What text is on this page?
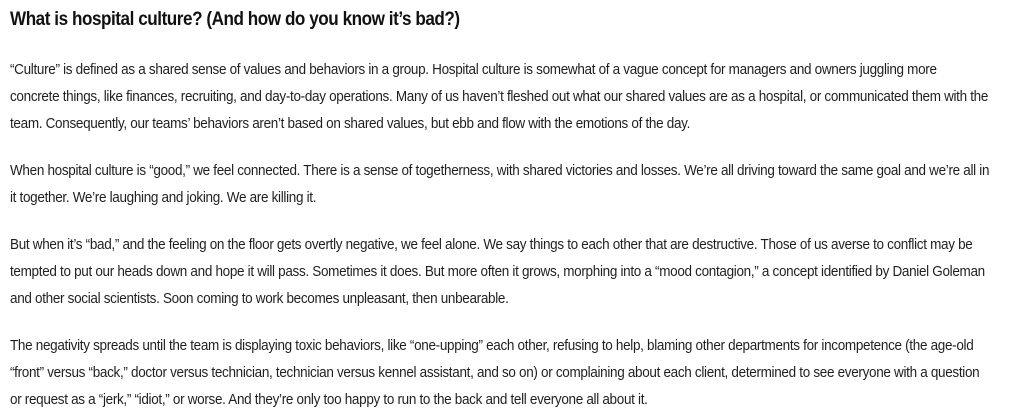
What is hospital culture? (And how do you know it’s bad?)

“Culture” is defined as a shared sense of values and behaviors in a group. Hospital culture is somewhat of a vague concept for managers and owners juggling more concrete things, like finances, recruiting, and day-to-day operations. Many of us haven’t fleshed out what our shared values are as a hospital, or communicated them with the team. Consequently, our teams’ behaviors aren’t based on shared values, but ebb and flow with the emotions of the day.

When hospital culture is “good,” we feel connected. There is a sense of togetherness, with shared victories and losses. We’re all driving toward the same goal and we’re all in it together. We’re laughing and joking. We are killing it.

But when it’s “bad,” and the feeling on the floor gets overtly negative, we feel alone. We say things to each other that are destructive. Those of us averse to conflict may be tempted to put our heads down and hope it will pass. Sometimes it does. But more often it grows, morphing into a “mood contagion,” a concept identified by Daniel Goleman and other social scientists. Soon coming to work becomes unpleasant, then unbearable.

The negativity spreads until the team is displaying toxic behaviors, like “one-upping” each other, refusing to help, blaming other departments for incompetence (the age-old “front” versus “back,” doctor versus technician, technician versus kennel assistant, and so on) or complaining about each client, determined to see everyone with a question or request as a “jerk,” “idiot,” or worse. And they’re only too happy to run to the back and tell everyone all about it.
